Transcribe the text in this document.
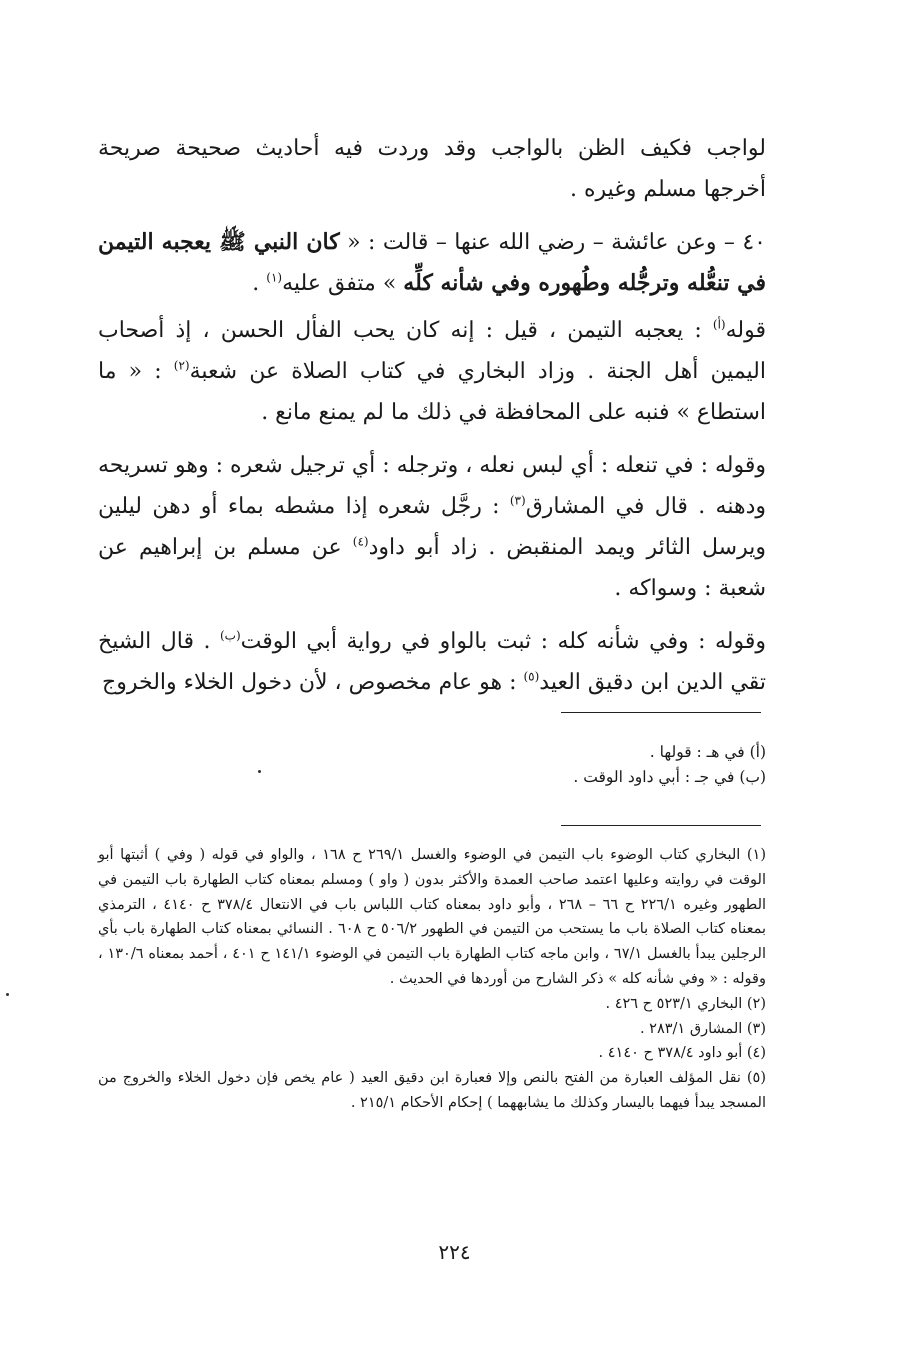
لواجب فكيف الظن بالواجب وقد وردت فيه أحاديث صحيحة صريحة أخرجها مسلم وغيره .

٤٠ – وعن عائشة – رضي الله عنها – قالت : « كان النبي ﷺ يعجبه التيمن في تنعُّله وترجُّله وطُهوره وفي شأنه كلِّه » متفق عليه$^{(١)}$ .

قوله$^{(أ)}$ : يعجبه التيمن ، قيل : إنه كان يحب الفأل الحسن ، إذ أصحاب اليمين أهل الجنة . وزاد البخاري في كتاب الصلاة عن شعبة$^{(٢)}$ : « ما استطاع » فنبه على المحافظة في ذلك ما لم يمنع مانع .

وقوله : في تنعله : أي لبس نعله ، وترجله : أي ترجيل شعره : وهو تسريحه ودهنه . قال في المشارق$^{(٣)}$ : رجَّل شعره إذا مشطه بماء أو دهن ليلين ويرسل الثائر ويمد المنقبض . زاد أبو داود$^{(٤)}$ عن مسلم بن إبراهيم عن شعبة : وسواكه .

وقوله : وفي شأنه كله : ثبت بالواو في رواية أبي الوقت$^{(ب)}$ . قال الشيخ تقي الدين ابن دقيق العيد$^{(٥)}$ : هو عام مخصوص ، لأن دخول الخلاء والخروج

(أ) في هـ : قولها .
(ب) في جـ : أبي داود الوقت .
(١) البخاري كتاب الوضوء باب التيمن في الوضوء والغسل ٢٦٩/١ ح ١٦٨ ، والواو في قوله ( وفي ) أثبتها أبو الوقت في روايته وعليها اعتمد صاحب العمدة والأكثر بدون ( واو ) ومسلم بمعناه كتاب الطهارة باب التيمن في الطهور وغيره ٢٢٦/١ ح ٦٦ – ٢٦٨ ، وأبو داود بمعناه كتاب اللباس باب في الانتعال ٣٧٨/٤ ح ٤١٤٠ ، الترمذي بمعناه كتاب الصلاة باب ما يستحب من التيمن في الطهور ٥٠٦/٢ ح ٦٠٨ . النسائي بمعناه كتاب الطهارة باب بأي الرجلين يبدأ بالغسل ٦٧/١ ، وابن ماجه كتاب الطهارة باب التيمن في الوضوء ١٤١/١ ح ٤٠١ ، أحمد بمعناه ١٣٠/٦ ، وقوله : « وفي شأنه كله » ذكر الشارح من أوردها في الحديث .
(٢) البخاري ٥٢٣/١ ح ٤٢٦ .
(٣) المشارق ٢٨٣/١ .
(٤) أبو داود ٣٧٨/٤ ح ٤١٤٠ .
(٥) نقل المؤلف العبارة من الفتح بالنص وإلا فعبارة ابن دقيق العيد ( عام يخص فإن دخول الخلاء والخروج من المسجد يبدأ فيهما باليسار وكذلك ما يشابههما ) إحكام الأحكام ٢١٥/١ .
٢٢٤
